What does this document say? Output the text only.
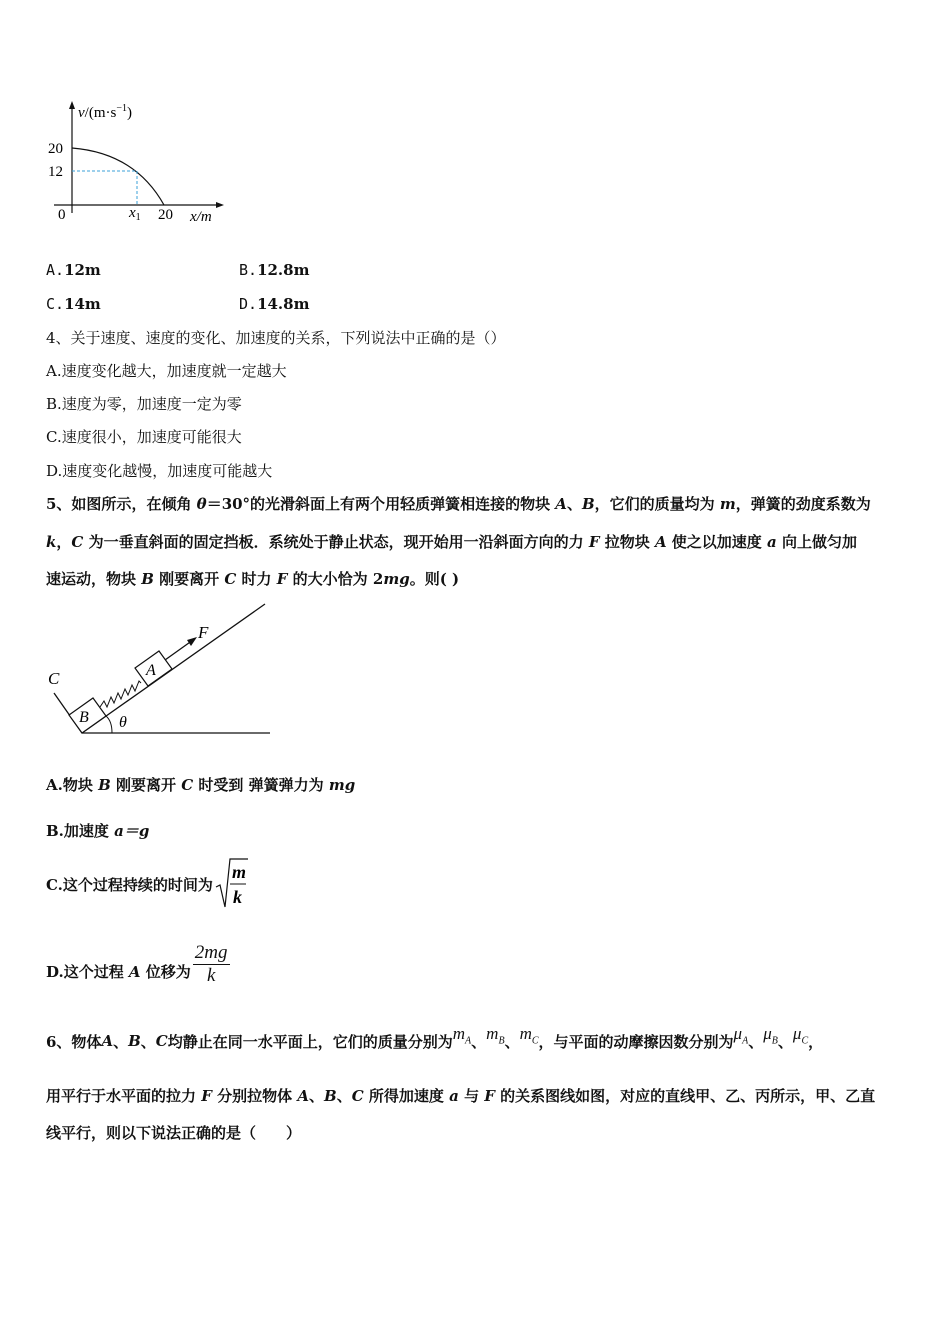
$v/(m\cdot s^{-1})$
20
12
0	$x_1$ 20 x/m
A.12m	B.12.8m
C.14m	D.14.8m
4、关于速度、速度的变化、加速度的关系，下列说法中正确的是（）
A.速度变化越大，加速度就一定越大
B.速度为零，加速度一定为零
C.速度很小，加速度可能很大
D.速度变化越慢，加速度可能越大
5、如图所示，在倾角 θ＝30°的光滑斜面上有两个用轻质弹簧相连接的物块 A、B，它们的质量均为 m，弹簧的劲度系数为
k，C 为一垂直斜面的固定挡板．系统处于静止状态，现开始用一沿斜面方向的力 F 拉物块 A 使之以加速度 a 向上做匀加
速运动，物块 B 刚要离开 C 时力 F 的大小恰为 2mg。则( )
C
B
A
F
θ
A.物块 B 刚要离开 C 时受到 弹簧弹力为 mg
B.加速度 a＝g
C.这个过程持续的时间为
m
k
D.这个过程 A 位移为 $\frac{2mg}{k}$
6、物体 A 、 B 、 C 均静止在同一水平面上，它们的质量分别为 $m_A$ 、 $m_B$ 、 $m_C$ ，与平面的动摩擦因数分别为 $\mu_A$ 、 $\mu_B$ 、 $\mu_C$ ，
用平行于水平面的拉力 F 分别拉物体 A、B、C 所得加速度 a 与 F 的关系图线如图，对应的直线甲、乙、丙所示，甲、乙直
线平行，则以下说法正确的是（　　）
